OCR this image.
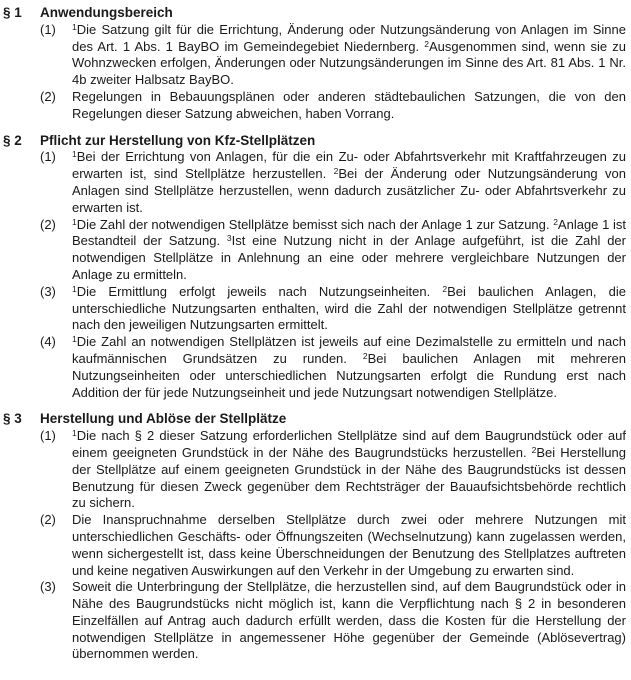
§ 1	Anwendungsbereich
(1)	$^1$Die Satzung gilt für die Errichtung, Änderung oder Nutzungsänderung von Anlagen im Sinne des Art. 1 Abs. 1 BayBO im Gemeindegebiet Niedernberg. $^2$Ausgenommen sind, wenn sie zu Wohnzwecken erfolgen, Änderungen oder Nutzungsänderungen im Sinne des Art. 81 Abs. 1 Nr. 4b zweiter Halbsatz BayBO.

(2)	Regelungen in Bebauungsplänen oder anderen städtebaulichen Satzungen, die von den Regelungen dieser Satzung abweichen, haben Vorrang.

§ 2	Pflicht zur Herstellung von Kfz-Stellplätzen
(1)	$^1$Bei der Errichtung von Anlagen, für die ein Zu- oder Abfahrtsverkehr mit Kraftfahrzeugen zu erwarten ist, sind Stellplätze herzustellen. $^2$Bei der Änderung oder Nutzungsänderung von Anlagen sind Stellplätze herzustellen, wenn dadurch zusätzlicher Zu- oder Abfahrtsverkehr zu erwarten ist.

(2)	$^1$Die Zahl der notwendigen Stellplätze bemisst sich nach der Anlage 1 zur Satzung. $^2$Anlage 1 ist Bestandteil der Satzung. $^3$Ist eine Nutzung nicht in der Anlage aufgeführt, ist die Zahl der notwendigen Stellplätze in Anlehnung an eine oder mehrere vergleichbare Nutzungen der Anlage zu ermitteln.

(3)	$^1$Die Ermittlung erfolgt jeweils nach Nutzungseinheiten. $^2$Bei baulichen Anlagen, die unterschiedliche Nutzungsarten enthalten, wird die Zahl der notwendigen Stellplätze getrennt nach den jeweiligen Nutzungsarten ermittelt.

(4)	$^1$Die Zahl an notwendigen Stellplätzen ist jeweils auf eine Dezimalstelle zu ermitteln und nach kaufmännischen Grundsätzen zu runden. $^2$Bei baulichen Anlagen mit mehreren Nutzungseinheiten oder unterschiedlichen Nutzungsarten erfolgt die Rundung erst nach Addition der für jede Nutzungseinheit und jede Nutzungsart notwendigen Stellplätze.

§ 3	Herstellung und Ablöse der Stellplätze
(1)	$^1$Die nach § 2 dieser Satzung erforderlichen Stellplätze sind auf dem Baugrundstück oder auf einem geeigneten Grundstück in der Nähe des Baugrundstücks herzustellen. $^2$Bei Herstellung der Stellplätze auf einem geeigneten Grundstück in der Nähe des Baugrundstücks ist dessen Benutzung für diesen Zweck gegenüber dem Rechtsträger der Bauaufsichtsbehörde rechtlich zu sichern.

(2)	Die Inanspruchnahme derselben Stellplätze durch zwei oder mehrere Nutzungen mit unterschiedlichen Geschäfts- oder Öffnungszeiten (Wechselnutzung) kann zugelassen werden, wenn sichergestellt ist, dass keine Überschneidungen der Benutzung des Stellplatzes auftreten und keine negativen Auswirkungen auf den Verkehr in der Umgebung zu erwarten sind.

(3)	Soweit die Unterbringung der Stellplätze, die herzustellen sind, auf dem Baugrundstück oder in Nähe des Baugrundstücks nicht möglich ist, kann die Verpflichtung nach § 2 in besonderen Einzelfällen auf Antrag auch dadurch erfüllt werden, dass die Kosten für die Herstellung der notwendigen Stellplätze in angemessener Höhe gegenüber der Gemeinde (Ablösevertrag) übernommen werden.
